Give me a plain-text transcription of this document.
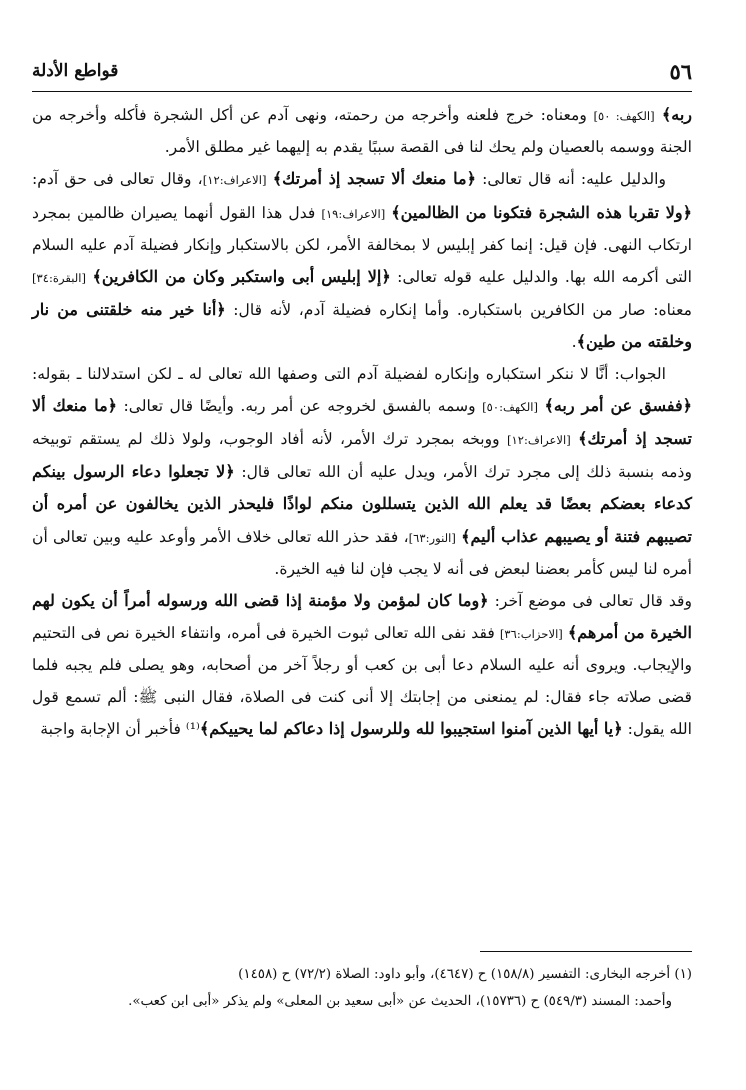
٥٦
قواطع الأدلة

ربه﴾ [الكهف: ٥٠] ومعناه: خرج فلعنه وأخرجه من رحمته، ونهى آدم عن أكل الشجرة فأكله وأخرجه من الجنة ووسمه بالعصيان ولم يحك لنا فى القصة سببًا يقدم به إليهما غير مطلق الأمر.

والدليل عليه: أنه قال تعالى: ﴿ما منعك ألا تسجد إذ أمرتك﴾ [الاعراف:١٢]، وقال تعالى فى حق آدم: ﴿ولا تقربا هذه الشجرة فتكونا من الظالمين﴾ [الاعراف:١٩] فدل هذا القول أنهما يصيران ظالمين بمجرد ارتكاب النهى. فإن قيل: إنما كفر إبليس لا بمخالفة الأمر، لكن بالاستكبار وإنكار فضيلة آدم عليه السلام التى أكرمه الله بها. والدليل عليه قوله تعالى: ﴿إلا إبليس أبى واستكبر وكان من الكافرين﴾ [البقرة:٣٤] معناه: صار من الكافرين باستكباره. وأما إنكاره فضيلة آدم، لأنه قال: ﴿أنا خير منه خلقتنى من نار وخلقته من طين﴾.

الجواب: أنَّا لا ننكر استكباره وإنكاره لفضيلة آدم التى وصفها الله تعالى له ـ لكن استدلالنا ـ بقوله: ﴿ففسق عن أمر ربه﴾ [الكهف:٥٠] وسمه بالفسق لخروجه عن أمر ربه. وأيضًا قال تعالى: ﴿ما منعك ألا تسجد إذ أمرتك﴾ [الاعراف:١٢] ووبخه بمجرد ترك الأمر، لأنه أفاد الوجوب، ولولا ذلك لم يستقم توبيخه وذمه بنسبة ذلك إلى مجرد ترك الأمر، ويدل عليه أن الله تعالى قال: ﴿لا تجعلوا دعاء الرسول بينكم كدعاء بعضكم بعضًا قد يعلم الله الذين يتسللون منكم لواذًا فليحذر الذين يخالفون عن أمره أن تصيبهم فتنة أو يصيبهم عذاب أليم﴾ [النور:٦٣]، فقد حذر الله تعالى خلاف الأمر وأوعد عليه وبين تعالى أن أمره لنا ليس كأمر بعضنا لبعض فى أنه لا يجب فإن لنا فيه الخيرة.

وقد قال تعالى فى موضع آخر: ﴿وما كان لمؤمن ولا مؤمنة إذا قضى الله ورسوله أمراً أن يكون لهم الخيرة من أمرهم﴾ [الاحزاب:٣٦] فقد نفى الله تعالى ثبوت الخيرة فى أمره، وانتفاء الخيرة نص فى التحتيم والإيجاب. ويروى أنه عليه السلام دعا أبى بن كعب أو رجلاً آخر من أصحابه، وهو يصلى فلم يجبه فلما قضى صلاته جاء فقال: لم يمنعنى من إجابتك إلا أنى كنت فى الصلاة، فقال النبى ﷺ: ألم تسمع قول الله يقول: ﴿يا أيها الذين آمنوا استجيبوا لله وللرسول إذا دعاكم لما يحييكم﴾⁽¹⁾ فأخبر أن الإجابة واجبة

(١) أخرجه البخارى: التفسير (١٥٨/٨) ح (٤٦٤٧)، وأبو داود: الصلاة (٧٢/٢) ح (١٤٥٨)

وأحمد: المسند (٥٤٩/٣) ح (١٥٧٣٦)، الحديث عن «أبى سعيد بن المعلى» ولم يذكر «أبى ابن كعب».
